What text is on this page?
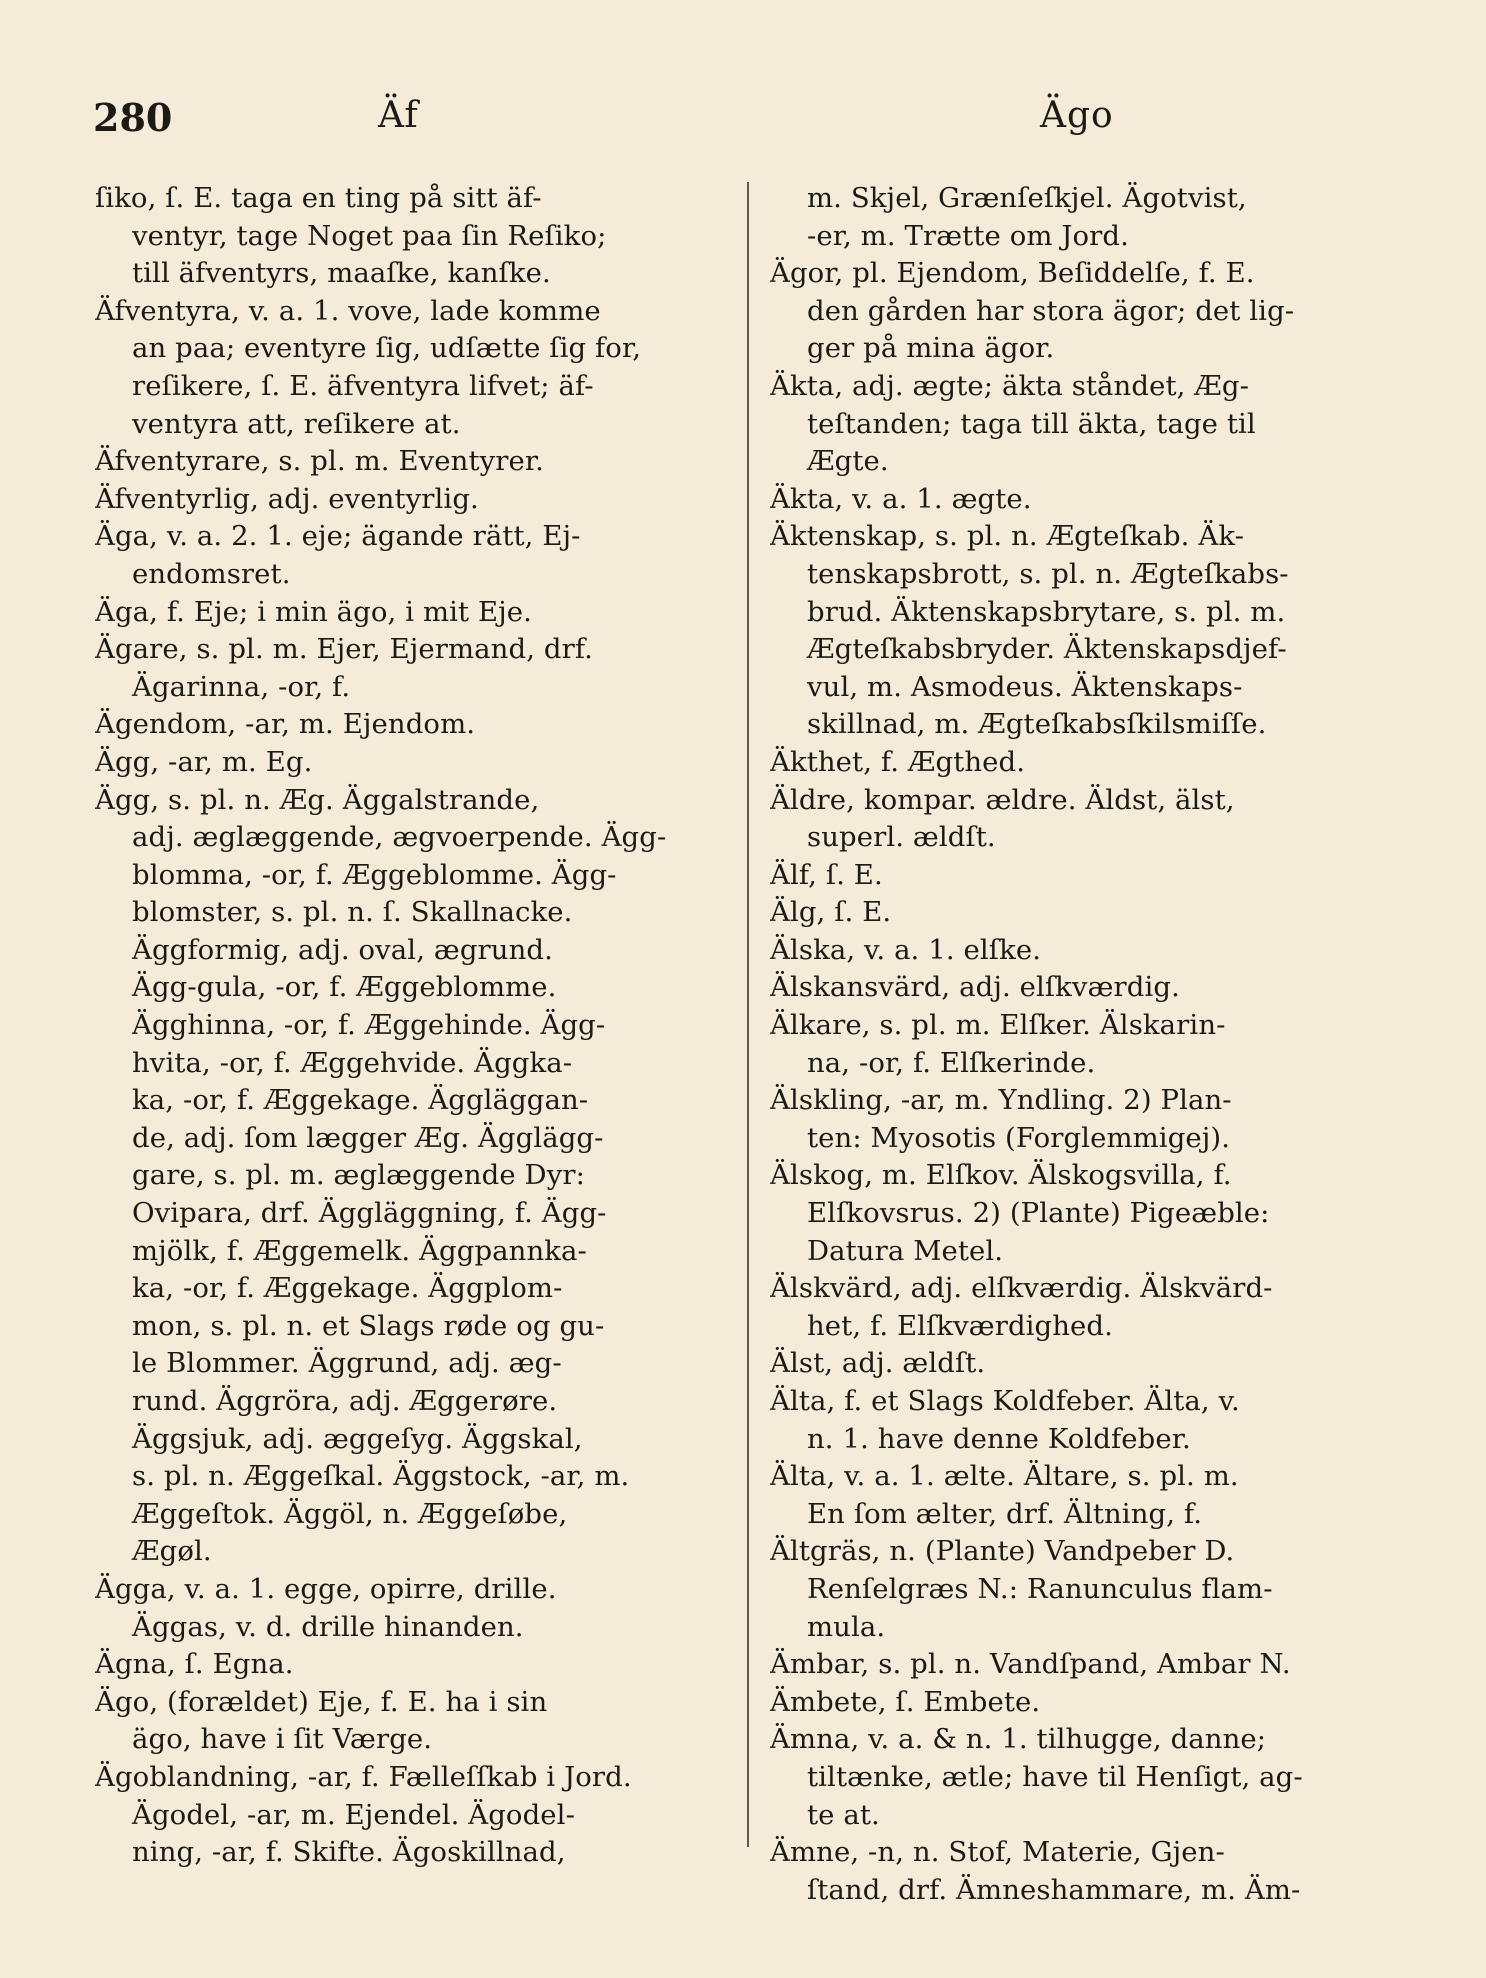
280	Äf	Ägo
ſiko, ſ. E. taga en ting på sitt äf-
ventyr, tage Noget paa ſin Reſiko;
till äfventyrs, maaſke, kanſke.
Äfventyra, v. a. 1. vove, lade komme
an paa; eventyre ſig, udſætte ſig for,
reſikere, ſ. E. äfventyra lifvet; äf-
ventyra att, reſikere at.
Äfventyrare, s. pl. m. Eventyrer.
Äfventyrlig, adj. eventyrlig.
Äga, v. a. 2. 1. eje; ägande rätt, Ej-
endomsret.
Äga, f. Eje; i min ägo, i mit Eje.
Ägare, s. pl. m. Ejer, Ejermand, drf.
Ägarinna, -or, f.
Ägendom, -ar, m. Ejendom.
Ägg, -ar, m. Eg.
Ägg, s. pl. n. Æg. Äggalstrande,
adj. æglæggende, ægvoerpende. Ägg-
blomma, -or, f. Æggeblomme. Ägg-
blomster, s. pl. n. ſ. Skallnacke.
Äggformig, adj. oval, ægrund.
Ägg-gula, -or, f. Æggeblomme.
Ägghinna, -or, f. Æggehinde. Ägg-
hvita, -or, f. Æggehvide. Äggka-
ka, -or, f. Æggekage. Äggläggan-
de, adj. ſom lægger Æg. Ägglägg-
gare, s. pl. m. æglæggende Dyr:
Ovipara, drf. Äggläggning, f. Ägg-
mjölk, f. Æggemelk. Äggpannka-
ka, -or, f. Æggekage. Äggplom-
mon, s. pl. n. et Slags røde og gu-
le Blommer. Äggrund, adj. æg-
rund. Äggröra, adj. Æggerøre.
Äggsjuk, adj. æggeſyg. Äggskal,
s. pl. n. Æggeſkal. Äggstock, -ar, m.
Æggeſtok. Äggöl, n. Æggeſøbe,
Ægøl.
Ägga, v. a. 1. egge, opirre, drille.
Äggas, v. d. drille hinanden.
Ägna, ſ. Egna.
Ägo, (forældet) Eje, f. E. ha i sin
ägo, have i ſit Værge.
Ägoblandning, -ar, f. Fælleſſkab i Jord.
Ägodel, -ar, m. Ejendel. Ägodel-
ning, -ar, f. Skifte. Ägoskillnad,
m. Skjel, Grænſeſkjel. Ägotvist,
-er, m. Trætte om Jord.
Ägor, pl. Ejendom, Beſiddelſe, f. E.
den gården har stora ägor; det lig-
ger på mina ägor.
Äkta, adj. ægte; äkta ståndet, Æg-
teſtanden; taga till äkta, tage til
Ægte.
Äkta, v. a. 1. ægte.
Äktenskap, s. pl. n. Ægteſkab. Äk-
tenskapsbrott, s. pl. n. Ægteſkabs-
brud. Äktenskapsbrytare, s. pl. m.
Ægteſkabsbryder. Äktenskapsdjef-
vul, m. Asmodeus. Äktenskaps-
skillnad, m. Ægteſkabsſkilsmiſſe.
Äkthet, f. Ægthed.
Äldre, kompar. ældre. Äldst, älst,
superl. ældſt.
Älf, ſ. E.
Älg, ſ. E.
Älska, v. a. 1. elſke.
Älskansvärd, adj. elſkværdig.
Älkare, s. pl. m. Elſker. Älskarin-
na, -or, f. Elſkerinde.
Älskling, -ar, m. Yndling. 2) Plan-
ten: Myosotis (Forglemmigej).
Älskog, m. Elſkov. Älskogsvilla, f.
Elſkovsrus. 2) (Plante) Pigeæble:
Datura Metel.
Älskvärd, adj. elſkværdig. Älskvärd-
het, f. Elſkværdighed.
Älst, adj. ældſt.
Älta, f. et Slags Koldfeber. Älta, v.
n. 1. have denne Koldfeber.
Älta, v. a. 1. ælte. Ältare, s. pl. m.
En ſom ælter, drf. Ältning, f.
Ältgräs, n. (Plante) Vandpeber D.
Renſelgræs N.: Ranunculus flam-
mula.
Ämbar, s. pl. n. Vandſpand, Ambar N.
Ämbete, ſ. Embete.
Ämna, v. a. & n. 1. tilhugge, danne;
tiltænke, ætle; have til Henſigt, ag-
te at.
Ämne, -n, n. Stof, Materie, Gjen-
ſtand, drf. Ämneshammare, m. Äm-
